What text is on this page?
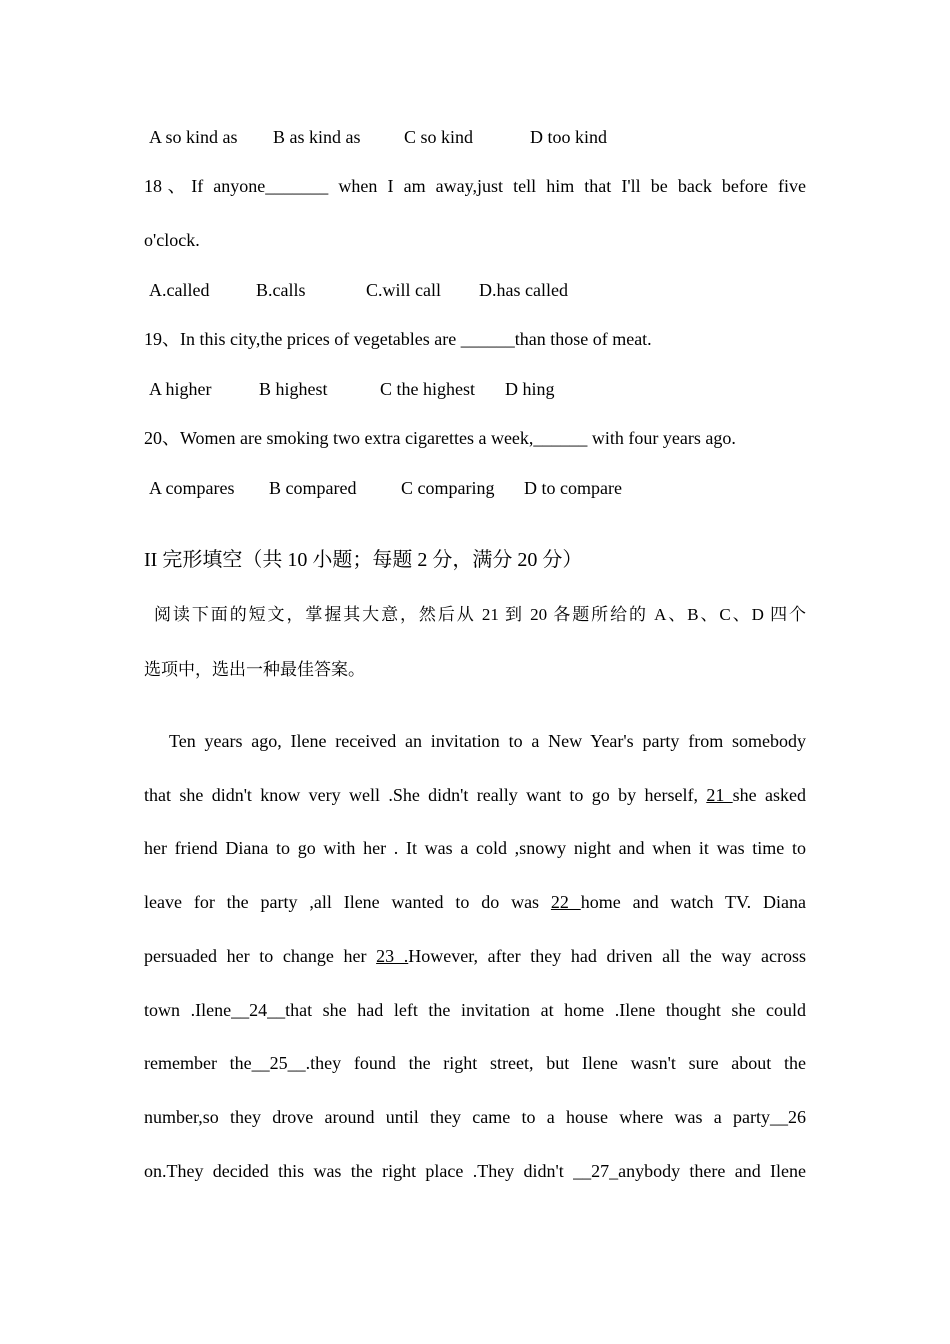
A so kind as B as kind as C so kind	D too kind
18、If anyone_______ when I am away,just tell him that I'll be back before five
o'clock.
A.called	B.calls	C.will call D.has called
19、In this city,the prices of vegetables are ______than those of meat.
A higher	B highest	C the highest D hing
20、Women are smoking two extra cigarettes a week,______ with four years ago.
A compares B compared C comparing D to compare
II 完形填空（共 10 小题；每题 2 分，满分 20 分）
阅读下面的短文，掌握其大意，然后从 21 到 20 各题所给的 A、B、C、D 四个
选项中，选出一种最佳答案。
Ten years ago, Ilene received an invitation to a New Year's party from somebody
that she didn't know very well .She didn't really want to go by herself, 21 she asked
her friend Diana to go with her . It was a cold ,snowy night and when it was time to
leave for the party ,all Ilene wanted to do was 22 home and watch TV. Diana
persuaded her to change her 23 .However, after they had driven all the way across
town .Ilene__24__that she had left the invitation at home .Ilene thought she could
remember the__25__.they found the right street, but Ilene wasn't sure about the
number,so they drove around until they came to a house where was a party__26
on.They decided this was the right place .They didn't __27_anybody there and Ilene
